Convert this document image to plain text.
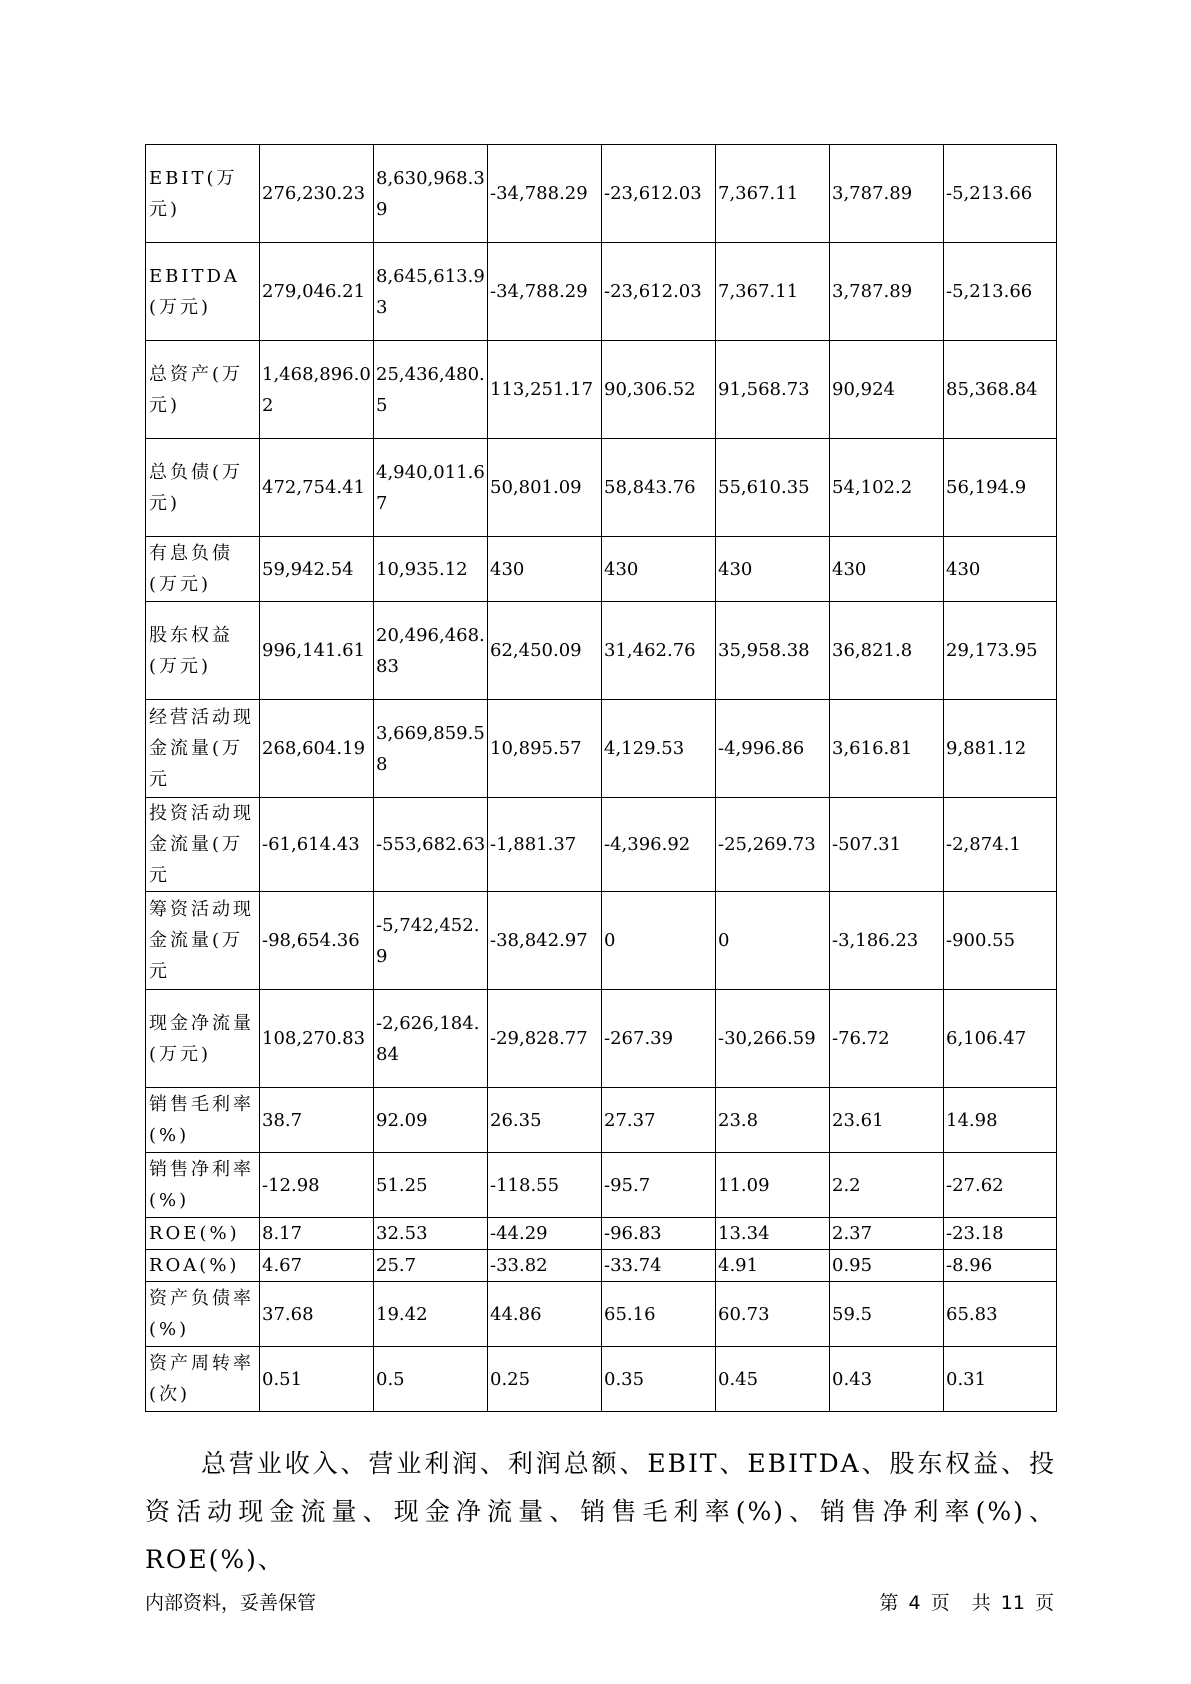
EBIT(万元)	276,230.23	8,630,968.39	-34,788.29	-23,612.03	7,367.11	3,787.89	-5,213.66
EBITDA(万元)	279,046.21	8,645,613.93	-34,788.29	-23,612.03	7,367.11	3,787.89	-5,213.66
总资产(万元)	1,468,896.02	25,436,480.5	113,251.17	90,306.52	91,568.73	90,924	85,368.84
总负债(万元)	472,754.41	4,940,011.67	50,801.09	58,843.76	55,610.35	54,102.2	56,194.9
有息负债(万元)	59,942.54	10,935.12	430	430	430	430	430
股东权益(万元)	996,141.61	20,496,468.83	62,450.09	31,462.76	35,958.38	36,821.8	29,173.95
经营活动现金流量(万元	268,604.19	3,669,859.58	10,895.57	4,129.53	-4,996.86	3,616.81	9,881.12
投资活动现金流量(万元	-61,614.43	-553,682.63	-1,881.37	-4,396.92	-25,269.73	-507.31	-2,874.1
筹资活动现金流量(万元	-98,654.36	-5,742,452.9	-38,842.97	0	0	-3,186.23	-900.55
现金净流量(万元)	108,270.83	-2,626,184.84	-29,828.77	-267.39	-30,266.59	-76.72	6,106.47
销售毛利率(%)	38.7	92.09	26.35	27.37	23.8	23.61	14.98
销售净利率(%)	-12.98	51.25	-118.55	-95.7	11.09	2.2	-27.62
ROE(%)	8.17	32.53	-44.29	-96.83	13.34	2.37	-23.18
ROA(%)	4.67	25.7	-33.82	-33.74	4.91	0.95	-8.96
资产负债率(%)	37.68	19.42	44.86	65.16	60.73	59.5	65.83
资产周转率(次)	0.51	0.5	0.25	0.35	0.45	0.43	0.31

总营业收入、营业利润、利润总额、EBIT、EBITDA、股东权益、投资活动现金流量、现金净流量、销售毛利率(%)、销售净利率(%)、ROE(%)、

内部资料，妥善保管	第 4 页 共 11 页
